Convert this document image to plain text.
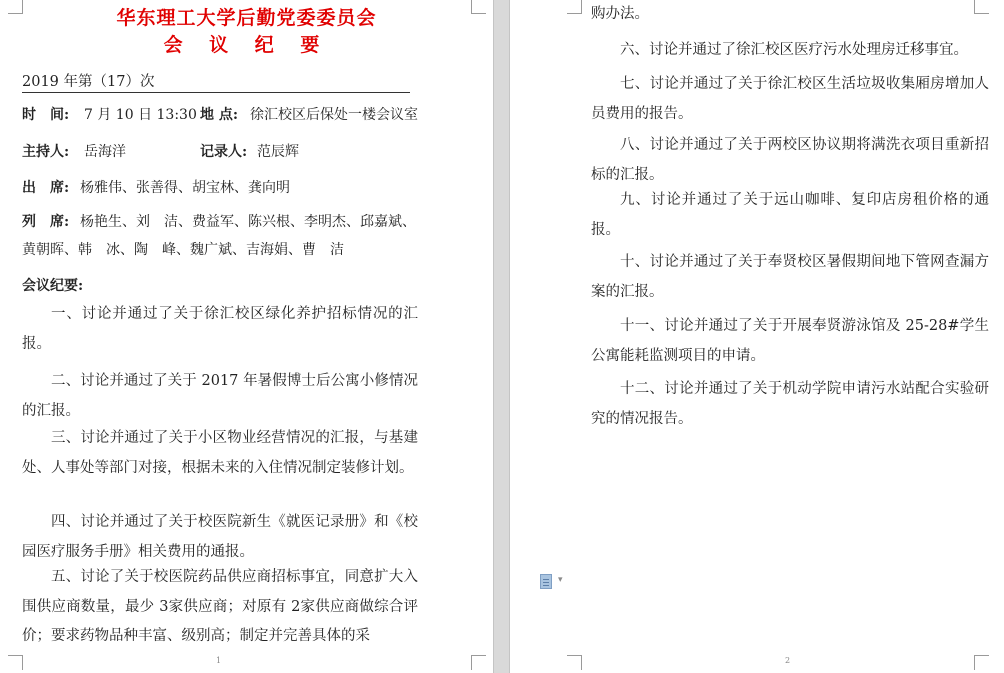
华东理工大学后勤党委委员会
会 议 纪 要
2019 年第（17）次
时　间: 7 月 10 日 13:30 地 点: 徐汇校区后保处一楼会议室
主持人: 岳海洋	记录人: 范辰辉
出　席: 杨雅伟、张善得、胡宝林、龚向明
列　席: 杨艳生、刘　洁、费益军、陈兴根、李明杰、邱嘉斌、
黄朝晖、韩　冰、陶　峰、魏广斌、吉海娟、曹　洁
会议纪要:
一、讨论并通过了关于徐汇校区绿化养护招标情况的汇报。
二、讨论并通过了关于 2017 年暑假博士后公寓小修情况的汇报。
三、讨论并通过了关于小区物业经营情况的汇报，与基建处、人事处等部门对接，根据未来的入住情况制定装修计划。
四、讨论并通过了关于校医院新生《就医记录册》和《校园医疗服务手册》相关费用的通报。
五、讨论了关于校医院药品供应商招标事宜，同意扩大入围供应商数量，最少 3家供应商；对原有 2家供应商做综合评价；要求药物品种丰富、级别高；制定并完善具体的采
1
购办法。
六、讨论并通过了徐汇校区医疗污水处理房迁移事宜。
七、讨论并通过了关于徐汇校区生活垃圾收集厢房增加人员费用的报告。
八、讨论并通过了关于两校区协议期将满洗衣项目重新招标的汇报。
九、讨论并通过了关于远山咖啡、复印店房租价格的通报。
十、讨论并通过了关于奉贤校区暑假期间地下管网查漏方案的汇报。
十一、讨论并通过了关于开展奉贤游泳馆及 25-28#学生公寓能耗监测项目的申请。
十二、讨论并通过了关于机动学院申请污水站配合实验研究的情况报告。
2
▾
